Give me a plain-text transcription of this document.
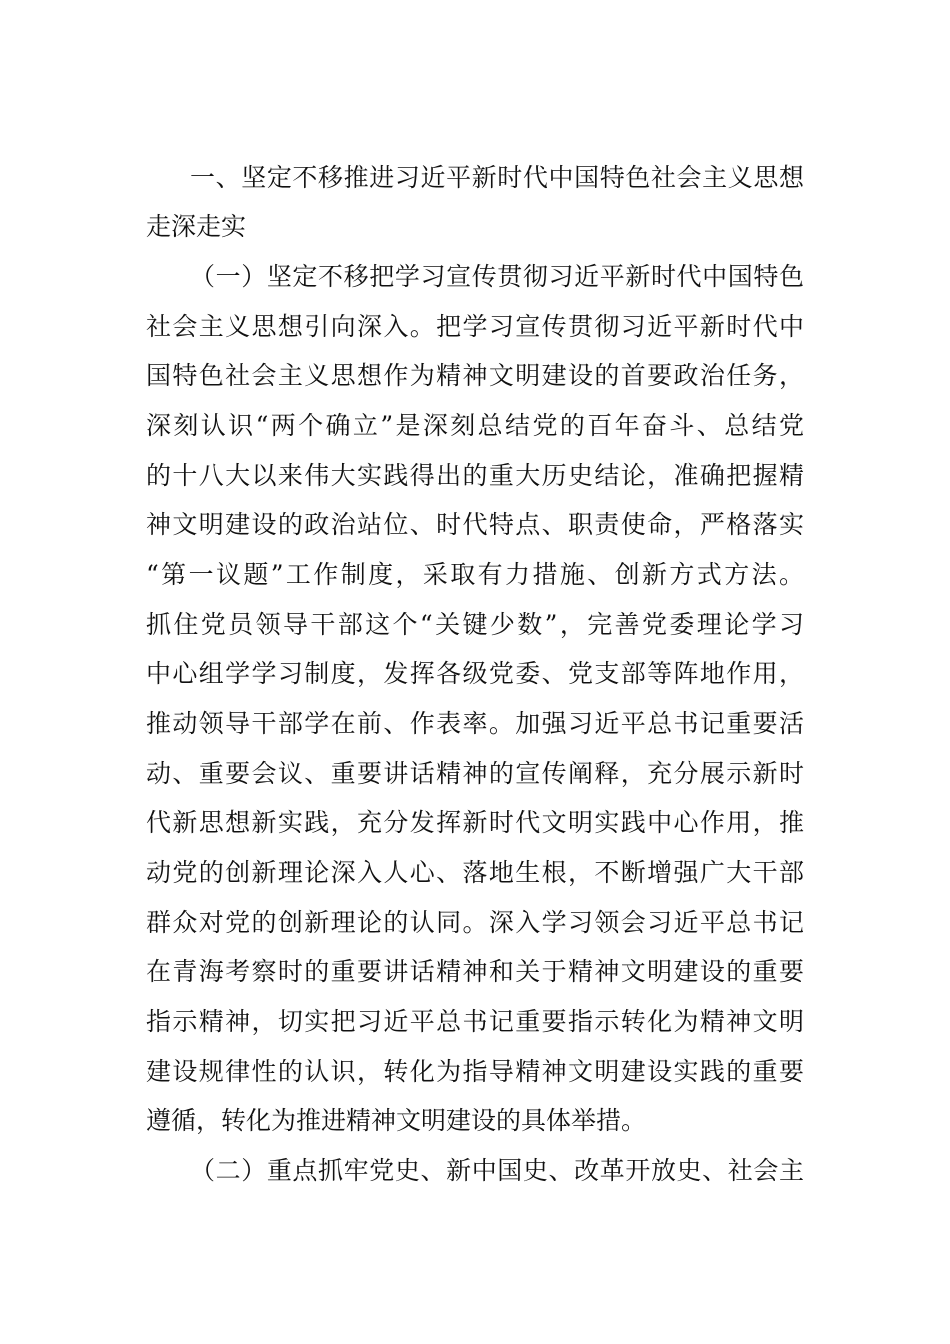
一、坚定不移推进习近平新时代中国特色社会主义思想
走深走实
（一）坚定不移把学习宣传贯彻习近平新时代中国特色
社会主义思想引向深入。把学习宣传贯彻习近平新时代中
国特色社会主义思想作为精神文明建设的首要政治任务，
深刻认识“两个确立”是深刻总结党的百年奋斗、总结党
的十八大以来伟大实践得出的重大历史结论，准确把握精
神文明建设的政治站位、时代特点、职责使命，严格落实
“第一议题”工作制度，采取有力措施、创新方式方法。
抓住党员领导干部这个“关键少数”，完善党委理论学习
中心组学学习制度，发挥各级党委、党支部等阵地作用，
推动领导干部学在前、作表率。加强习近平总书记重要活
动、重要会议、重要讲话精神的宣传阐释，充分展示新时
代新思想新实践，充分发挥新时代文明实践中心作用，推
动党的创新理论深入人心、落地生根，不断增强广大干部
群众对党的创新理论的认同。深入学习领会习近平总书记
在青海考察时的重要讲话精神和关于精神文明建设的重要
指示精神，切实把习近平总书记重要指示转化为精神文明
建设规律性的认识，转化为指导精神文明建设实践的重要
遵循，转化为推进精神文明建设的具体举措。
（二）重点抓牢党史、新中国史、改革开放史、社会主
